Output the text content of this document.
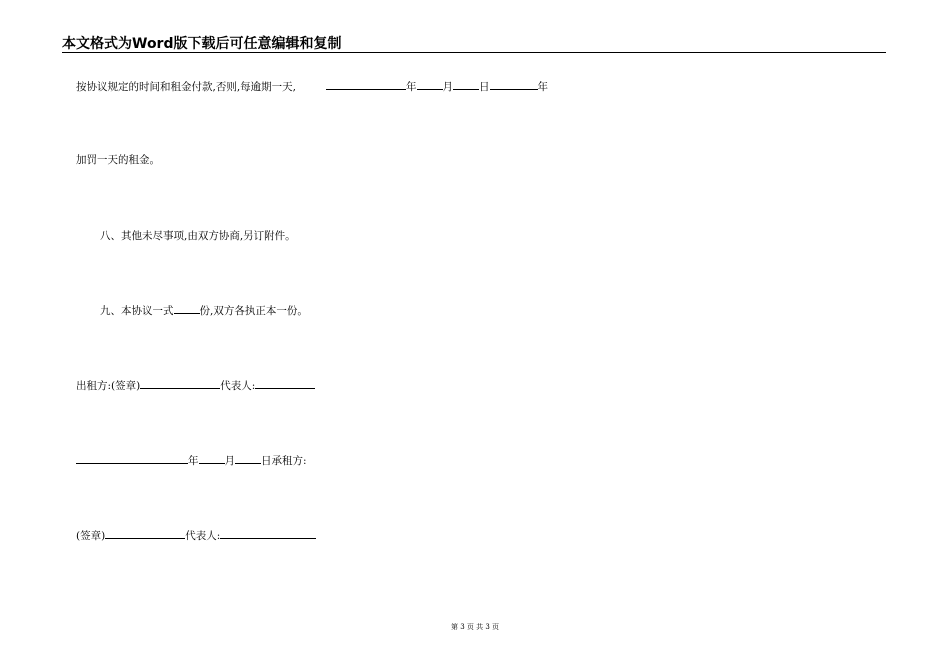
本文格式为Word版下载后可任意编辑和复制
按协议规定的时间和租金付款,否则,每逾期一天,	年 月 日	年
加罚一天的租金。
八、其他未尽事项,由双方协商,另订附件。
九、本协议一式 份,双方各执正本一份。
出租方:(签章)	代表人:
年 月 日承租方:
(签章)	代表人:
第 3 页 共 3 页
